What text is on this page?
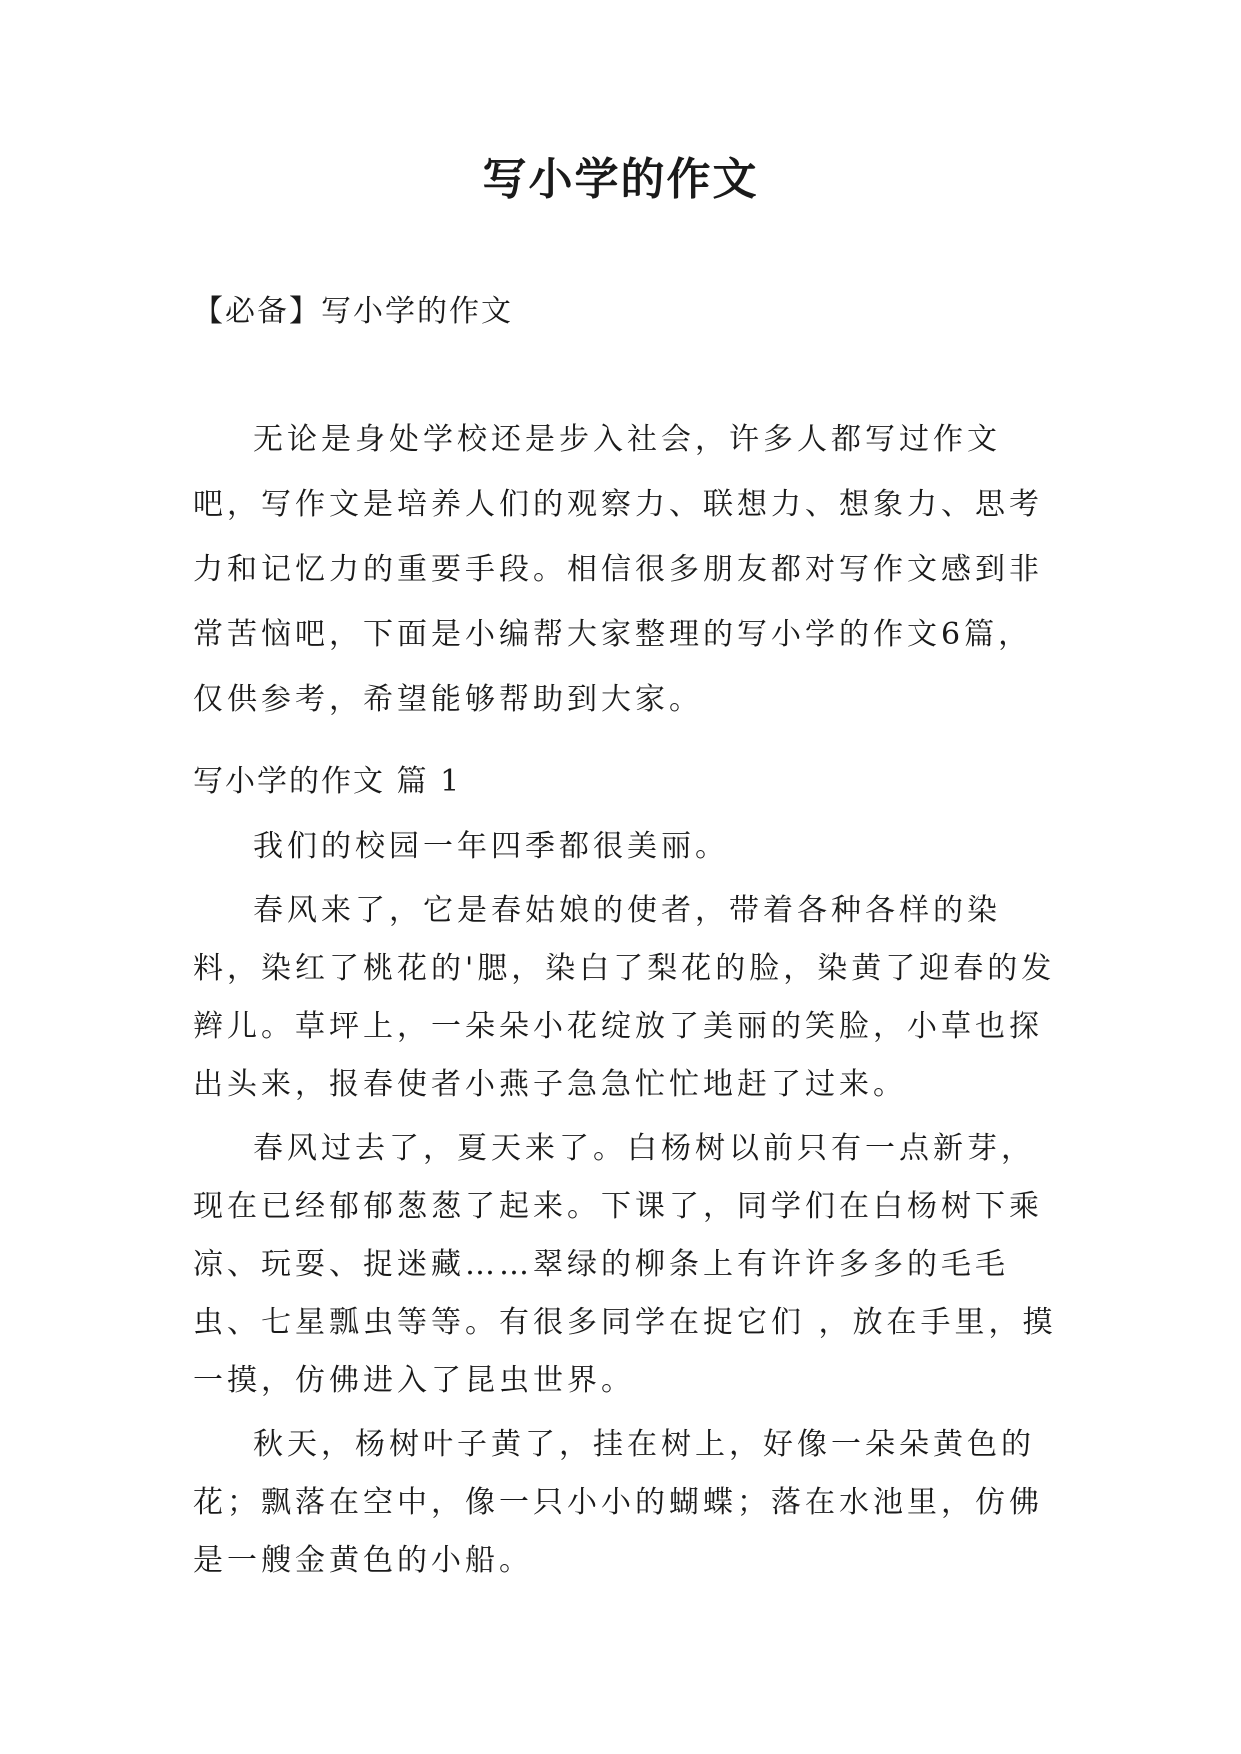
写小学的作文

【必备】写小学的作文

无论是身处学校还是步入社会，许多人都写过作文吧，写作文是培养人们的观察力、联想力、想象力、思考力和记忆力的重要手段。相信很多朋友都对写作文感到非常苦恼吧，下面是小编帮大家整理的写小学的作文6篇，仅供参考，希望能够帮助到大家。

写小学的作文 篇 1

我们的校园一年四季都很美丽。

春风来了，它是春姑娘的使者，带着各种各样的染料，染红了桃花的'腮，染白了梨花的脸，染黄了迎春的发辫儿。草坪上，一朵朵小花绽放了美丽的笑脸，小草也探出头来，报春使者小燕子急急忙忙地赶了过来。

春风过去了，夏天来了。白杨树以前只有一点新芽，现在已经郁郁葱葱了起来。下课了，同学们在白杨树下乘凉、玩耍、捉迷藏……翠绿的柳条上有许许多多的毛毛虫、七星瓢虫等等。有很多同学在捉它们 ，放在手里，摸一摸，仿佛进入了昆虫世界。

秋天，杨树叶子黄了，挂在树上，好像一朵朵黄色的花；飘落在空中，像一只小小的蝴蝶；落在水池里，仿佛是一艘金黄色的小船。
